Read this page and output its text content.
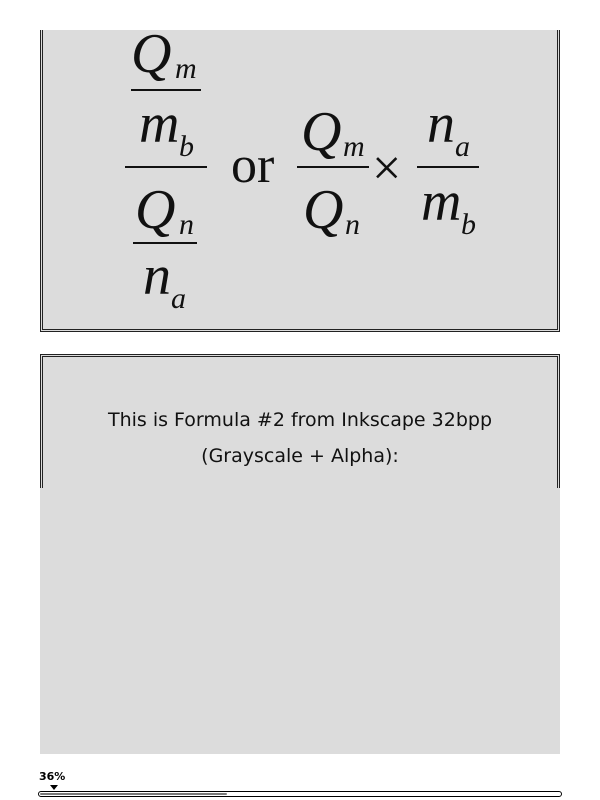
Q m
m b
Q n
n a
or
Q m
Q n
×
n a
m b
This is Formula #2 from Inkscape 32bpp
(Grayscale + Alpha):
36%
